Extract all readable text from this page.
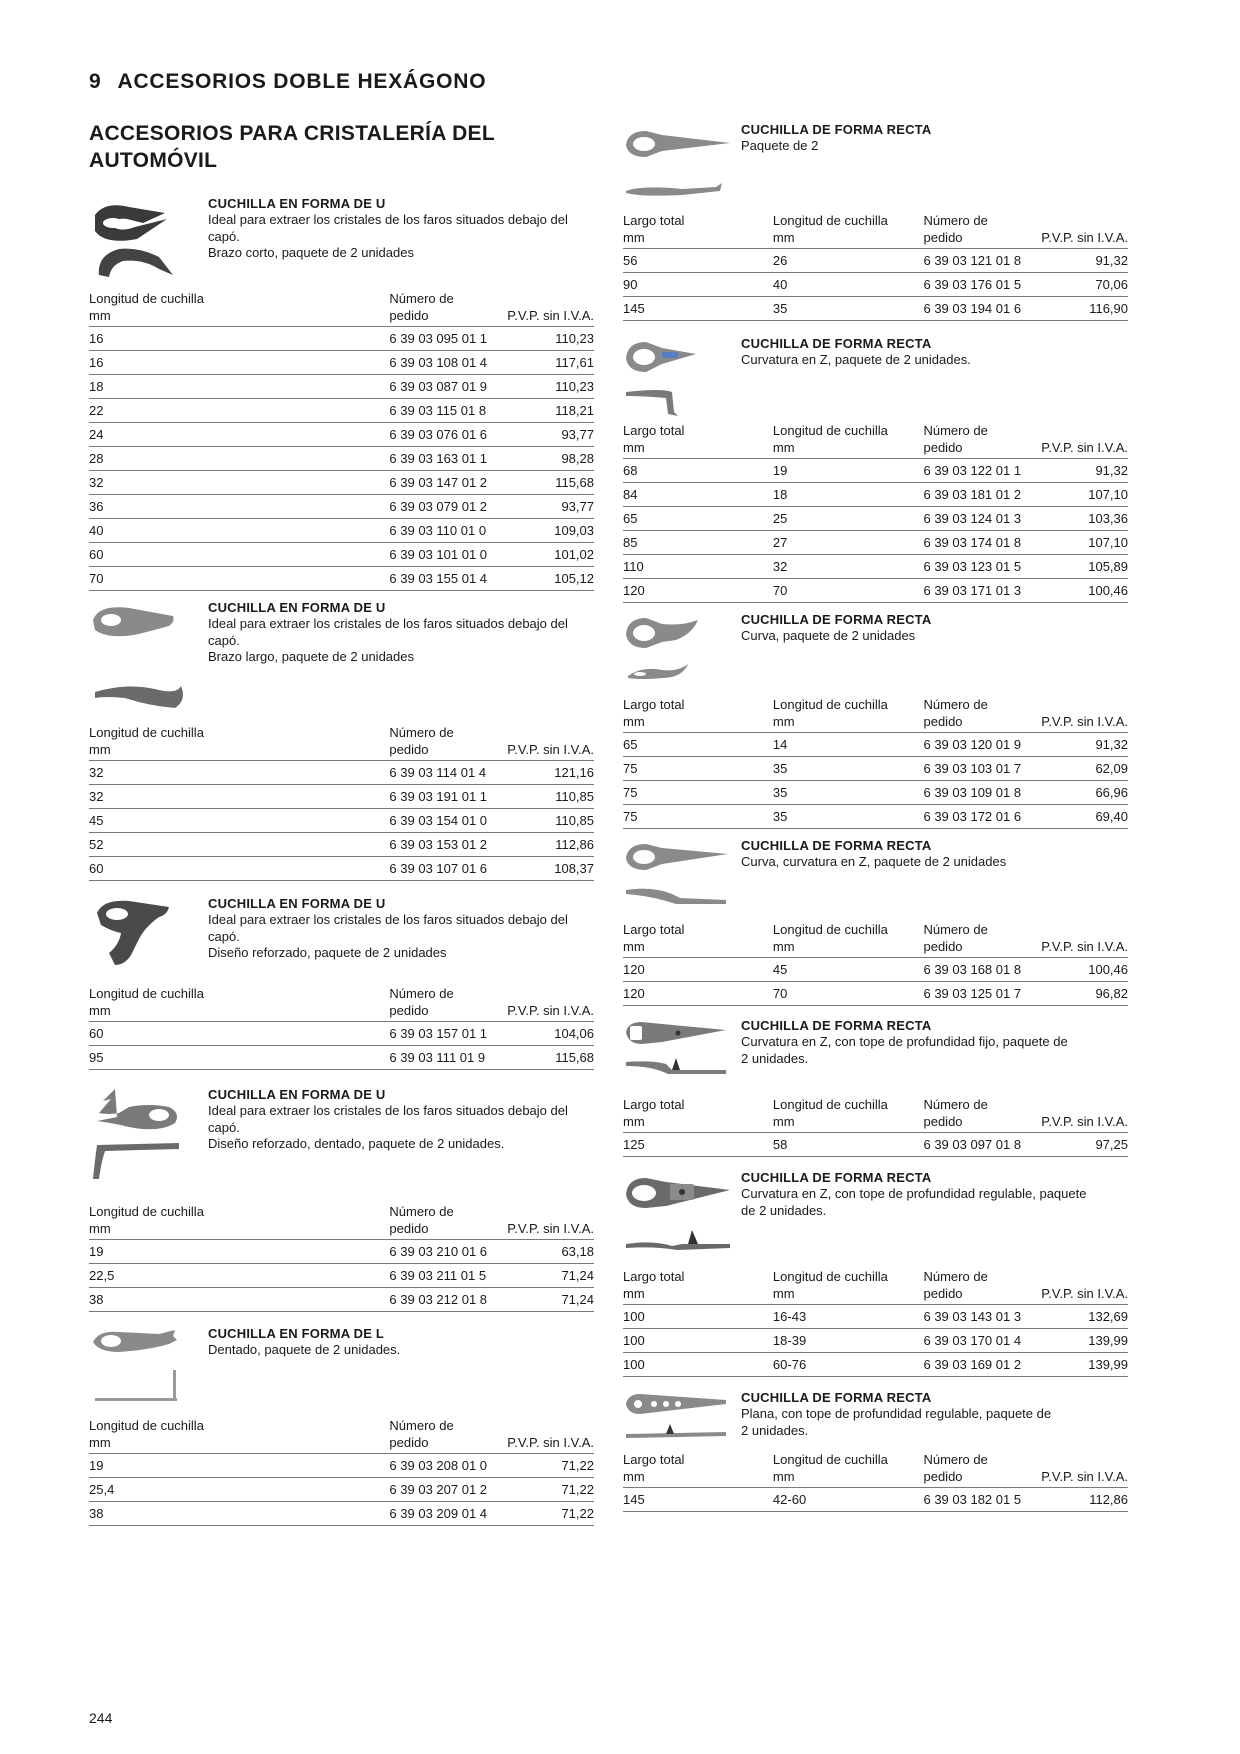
9 ACCESORIOS DOBLE HEXÁGONO
ACCESORIOS PARA CRISTALERÍA DEL AUTOMÓVIL
CUCHILLA EN FORMA DE U
Ideal para extraer los cristales de los faros situados debajo del capó.
Brazo corto, paquete de 2 unidades
Longitud de cuchilla	Número de	
mm	pedido	P.V.P. sin I.V.A.
16	6 39 03 095 01 1	110,23
16	6 39 03 108 01 4	117,61
18	6 39 03 087 01 9	110,23
22	6 39 03 115 01 8	118,21
24	6 39 03 076 01 6	93,77
28	6 39 03 163 01 1	98,28
32	6 39 03 147 01 2	115,68
36	6 39 03 079 01 2	93,77
40	6 39 03 110 01 0	109,03
60	6 39 03 101 01 0	101,02
70	6 39 03 155 01 4	105,12
CUCHILLA EN FORMA DE U
Ideal para extraer los cristales de los faros situados debajo del capó.
Brazo largo, paquete de 2 unidades
Longitud de cuchilla	Número de	
mm	pedido	P.V.P. sin I.V.A.
32	6 39 03 114 01 4	121,16
32	6 39 03 191 01 1	110,85
45	6 39 03 154 01 0	110,85
52	6 39 03 153 01 2	112,86
60	6 39 03 107 01 6	108,37
CUCHILLA EN FORMA DE U
Ideal para extraer los cristales de los faros situados debajo del capó.
Diseño reforzado, paquete de 2 unidades
Longitud de cuchilla	Número de	
mm	pedido	P.V.P. sin I.V.A.
60	6 39 03 157 01 1	104,06
95	6 39 03 111 01 9	115,68
CUCHILLA EN FORMA DE U
Ideal para extraer los cristales de los faros situados debajo del capó.
Diseño reforzado, dentado, paquete de 2 unidades.
Longitud de cuchilla	Número de	
mm	pedido	P.V.P. sin I.V.A.
19	6 39 03 210 01 6	63,18
22,5	6 39 03 211 01 5	71,24
38	6 39 03 212 01 8	71,24
CUCHILLA EN FORMA DE L
Dentado, paquete de 2 unidades.
Longitud de cuchilla	Número de	
mm	pedido	P.V.P. sin I.V.A.
19	6 39 03 208 01 0	71,22
25,4	6 39 03 207 01 2	71,22
38	6 39 03 209 01 4	71,22
CUCHILLA DE FORMA RECTA
Paquete de 2
Largo total	Longitud de cuchilla	Número de	
mm	mm	pedido	P.V.P. sin I.V.A.
56	26	6 39 03 121 01 8	91,32
90	40	6 39 03 176 01 5	70,06
145	35	6 39 03 194 01 6	116,90
CUCHILLA DE FORMA RECTA
Curvatura en Z, paquete de 2 unidades.
Largo total	Longitud de cuchilla	Número de	
mm	mm	pedido	P.V.P. sin I.V.A.
68	19	6 39 03 122 01 1	91,32
84	18	6 39 03 181 01 2	107,10
65	25	6 39 03 124 01 3	103,36
85	27	6 39 03 174 01 8	107,10
110	32	6 39 03 123 01 5	105,89
120	70	6 39 03 171 01 3	100,46
CUCHILLA DE FORMA RECTA
Curva, paquete de 2 unidades
Largo total	Longitud de cuchilla	Número de	
mm	mm	pedido	P.V.P. sin I.V.A.
65	14	6 39 03 120 01 9	91,32
75	35	6 39 03 103 01 7	62,09
75	35	6 39 03 109 01 8	66,96
75	35	6 39 03 172 01 6	69,40
CUCHILLA DE FORMA RECTA
Curva, curvatura en Z, paquete de 2 unidades
Largo total	Longitud de cuchilla	Número de	
mm	mm	pedido	P.V.P. sin I.V.A.
120	45	6 39 03 168 01 8	100,46
120	70	6 39 03 125 01 7	96,82
CUCHILLA DE FORMA RECTA
Curvatura en Z, con tope de profundidad fijo, paquete de
2 unidades.
Largo total	Longitud de cuchilla	Número de	
mm	mm	pedido	P.V.P. sin I.V.A.
125	58	6 39 03 097 01 8	97,25
CUCHILLA DE FORMA RECTA
Curvatura en Z, con tope de profundidad regulable, paquete
de 2 unidades.
Largo total	Longitud de cuchilla	Número de	
mm	mm	pedido	P.V.P. sin I.V.A.
100	16-43	6 39 03 143 01 3	132,69
100	18-39	6 39 03 170 01 4	139,99
100	60-76	6 39 03 169 01 2	139,99
CUCHILLA DE FORMA RECTA
Plana, con tope de profundidad regulable, paquete de
2 unidades.
Largo total	Longitud de cuchilla	Número de	
mm	mm	pedido	P.V.P. sin I.V.A.
145	42-60	6 39 03 182 01 5	112,86
244
